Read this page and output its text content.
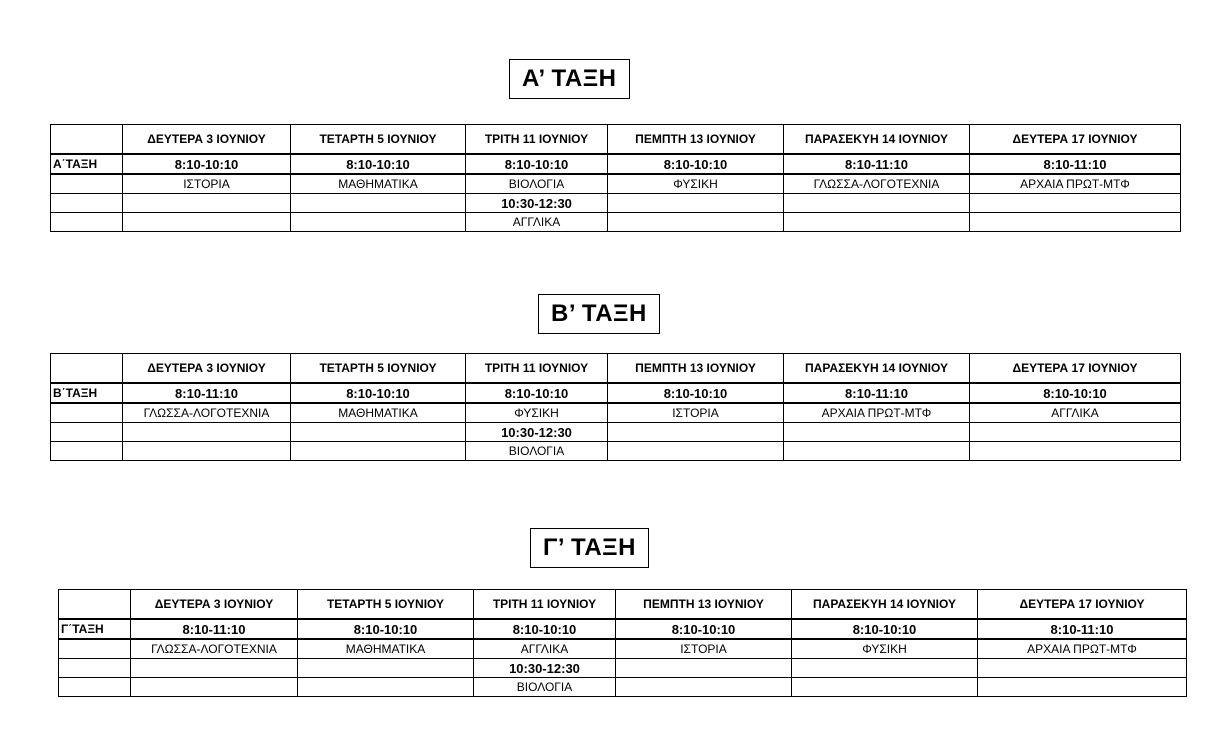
Α’ ΤΑΞΗ
	ΔΕΥΤΕΡΑ 3 ΙΟΥΝΙΟΥ	ΤΕΤΑΡΤΗ 5 ΙΟΥΝΙΟΥ	ΤΡΙΤΗ 11 ΙΟΥΝΙΟΥ	ΠΕΜΠΤΗ 13 ΙΟΥΝΙΟΥ	ΠΑΡΑΣΕΚΥΗ 14 ΙΟΥΝΙΟΥ	ΔΕΥΤΕΡΑ 17 ΙΟΥΝΙΟΥ
Α΄ΤΑΞΗ	8:10-10:10	8:10-10:10	8:10-10:10	8:10-10:10	8:10-11:10	8:10-11:10
	ΙΣΤΟΡΙΑ	ΜΑΘΗΜΑΤΙΚΑ	ΒΙΟΛΟΓΙΑ	ΦΥΣΙΚΗ	ΓΛΩΣΣΑ-ΛΟΓΟΤΕΧΝΙΑ	ΑΡΧΑΙΑ ΠΡΩΤ-ΜΤΦ
			10:30-12:30			
			ΑΓΓΛΙΚΑ			
Β’ ΤΑΞΗ
	ΔΕΥΤΕΡΑ 3 ΙΟΥΝΙΟΥ	ΤΕΤΑΡΤΗ 5 ΙΟΥΝΙΟΥ	ΤΡΙΤΗ 11 ΙΟΥΝΙΟΥ	ΠΕΜΠΤΗ 13 ΙΟΥΝΙΟΥ	ΠΑΡΑΣΕΚΥΗ 14 ΙΟΥΝΙΟΥ	ΔΕΥΤΕΡΑ 17 ΙΟΥΝΙΟΥ
Β΄ΤΑΞΗ	8:10-11:10	8:10-10:10	8:10-10:10	8:10-10:10	8:10-11:10	8:10-10:10
	ΓΛΩΣΣΑ-ΛΟΓΟΤΕΧΝΙΑ	ΜΑΘΗΜΑΤΙΚΑ	ΦΥΣΙΚΗ	ΙΣΤΟΡΙΑ	ΑΡΧΑΙΑ ΠΡΩΤ-ΜΤΦ	ΑΓΓΛΙΚΑ
			10:30-12:30			
			ΒΙΟΛΟΓΙΑ			
Γ’ ΤΑΞΗ
	ΔΕΥΤΕΡΑ 3 ΙΟΥΝΙΟΥ	ΤΕΤΑΡΤΗ 5 ΙΟΥΝΙΟΥ	ΤΡΙΤΗ 11 ΙΟΥΝΙΟΥ	ΠΕΜΠΤΗ 13 ΙΟΥΝΙΟΥ	ΠΑΡΑΣΕΚΥΗ 14 ΙΟΥΝΙΟΥ	ΔΕΥΤΕΡΑ 17 ΙΟΥΝΙΟΥ
Γ΄ΤΑΞΗ	8:10-11:10	8:10-10:10	8:10-10:10	8:10-10:10	8:10-10:10	8:10-11:10
	ΓΛΩΣΣΑ-ΛΟΓΟΤΕΧΝΙΑ	ΜΑΘΗΜΑΤΙΚΑ	ΑΓΓΛΙΚΑ	ΙΣΤΟΡΙΑ	ΦΥΣΙΚΗ	ΑΡΧΑΙΑ ΠΡΩΤ-ΜΤΦ
			10:30-12:30			
			ΒΙΟΛΟΓΙΑ			
